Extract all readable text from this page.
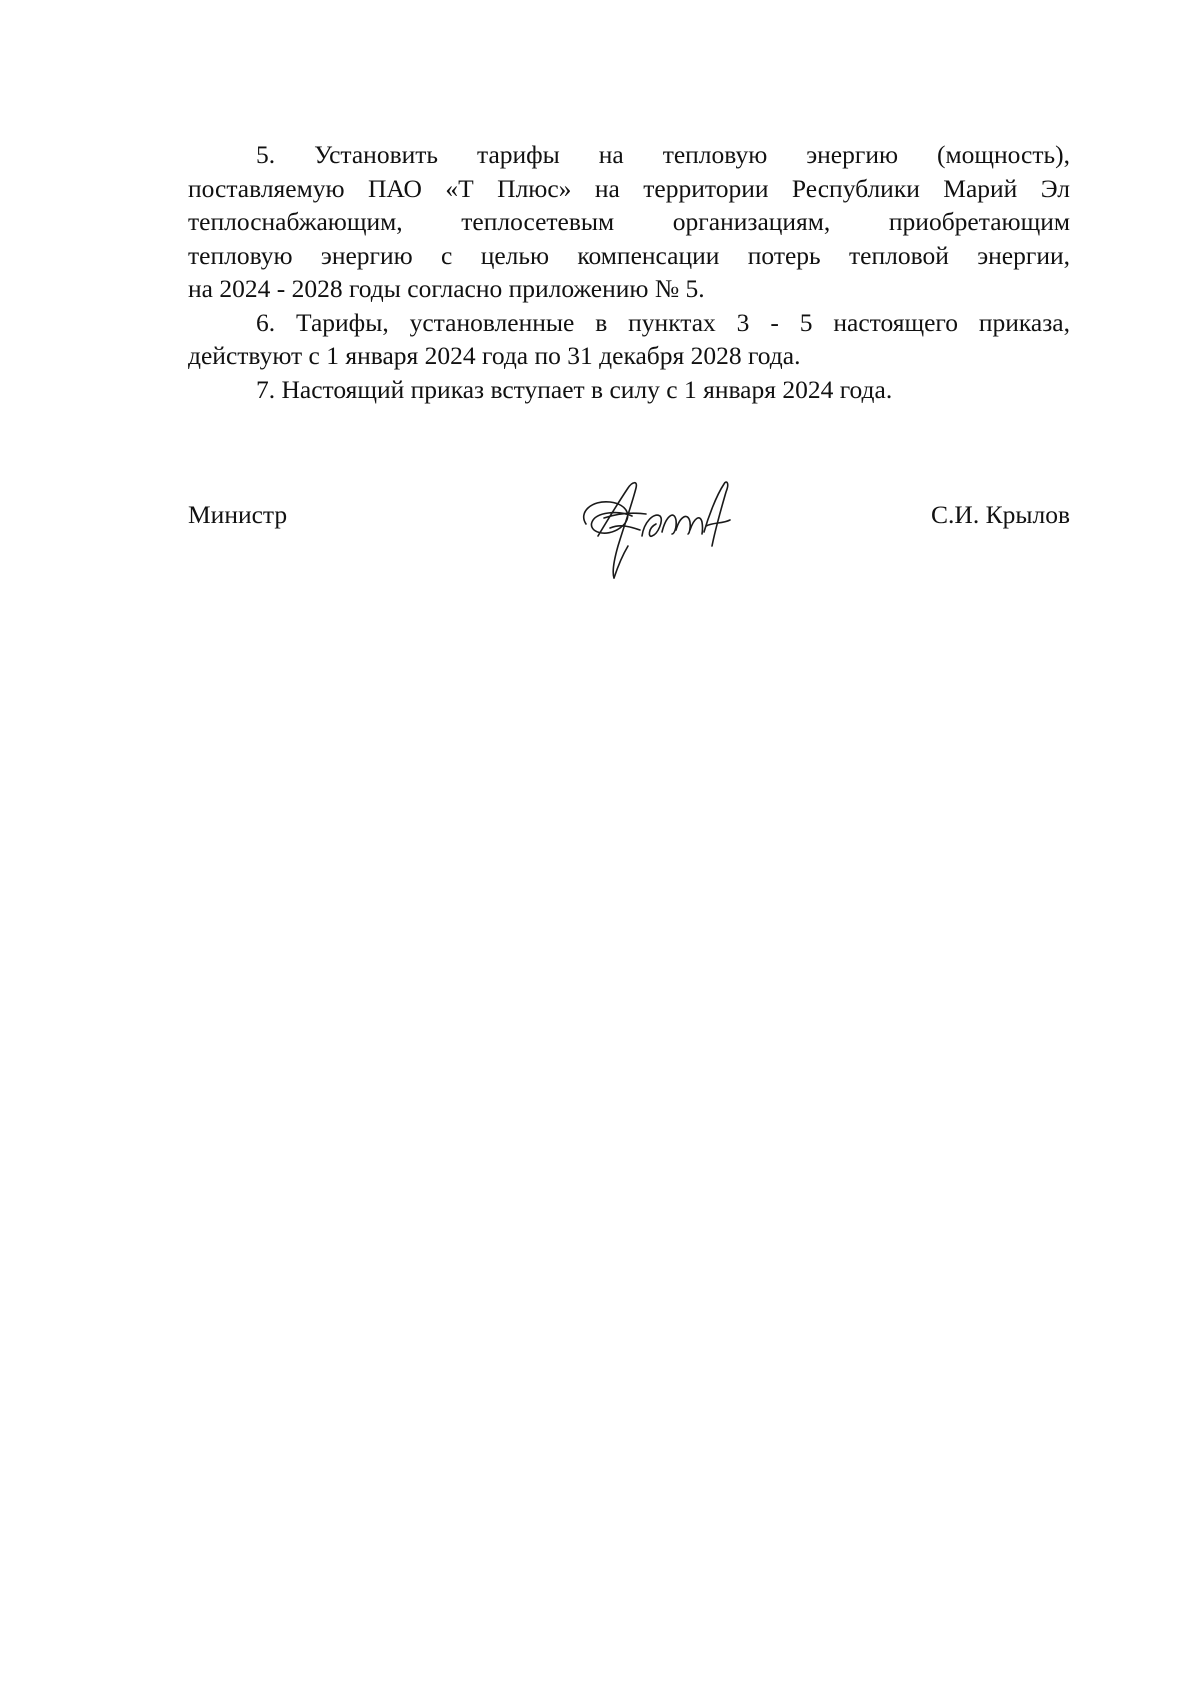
5. Установить тарифы на тепловую энергию (мощность),
поставляемую ПАО «Т Плюс» на территории Республики Марий Эл
теплоснабжающим, теплосетевым организациям, приобретающим
тепловую энергию с целью компенсации потерь тепловой энергии,
на 2024 - 2028 годы согласно приложению № 5.

6. Тарифы, установленные в пунктах 3 - 5 настоящего приказа,
действуют с 1 января 2024 года по 31 декабря 2028 года.

7. Настоящий приказ вступает в силу с 1 января 2024 года.

Министр	С.И. Крылов
